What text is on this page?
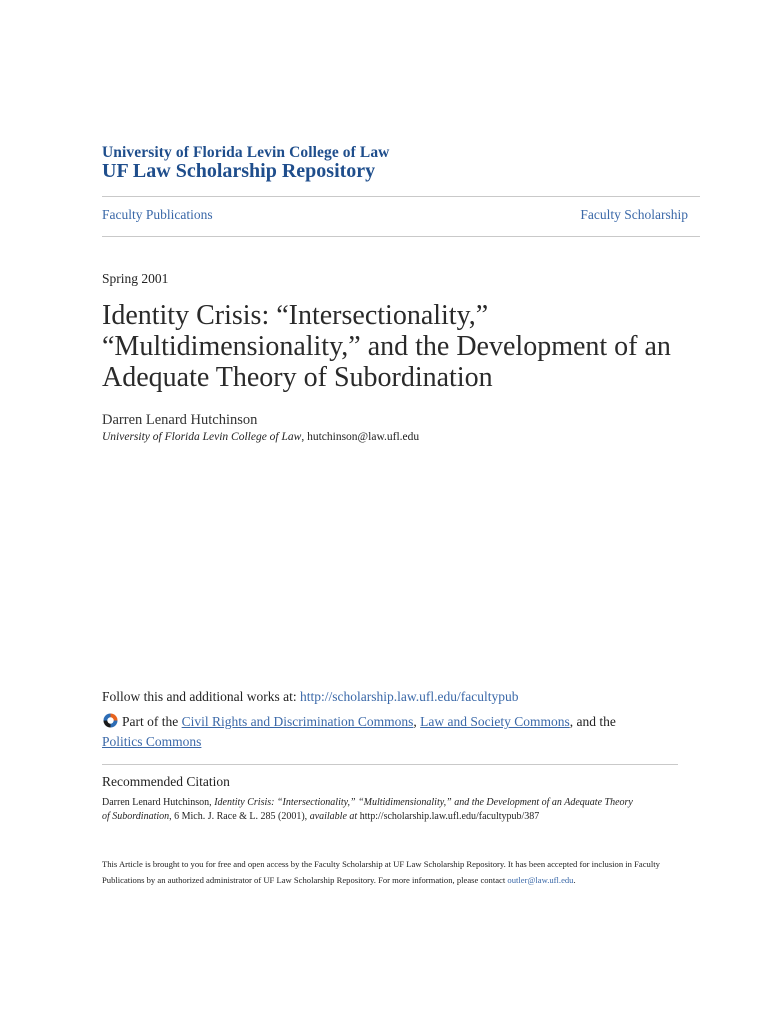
University of Florida Levin College of Law
UF Law Scholarship Repository
Faculty Publications	Faculty Scholarship
Spring 2001
Identity Crisis: “Intersectionality,”
“Multidimensionality,” and the Development of an
Adequate Theory of Subordination
Darren Lenard Hutchinson
University of Florida Levin College of Law, hutchinson@law.ufl.edu
Follow this and additional works at: http://scholarship.law.ufl.edu/facultypub
Part of the Civil Rights and Discrimination Commons, Law and Society Commons, and the
Politics Commons
Recommended Citation
Darren Lenard Hutchinson, Identity Crisis: “Intersectionality,” “Multidimensionality,” and the Development of an Adequate Theory of Subordination, 6 Mich. J. Race & L. 285 (2001), available at http://scholarship.law.ufl.edu/facultypub/387
This Article is brought to you for free and open access by the Faculty Scholarship at UF Law Scholarship Repository. It has been accepted for inclusion in Faculty Publications by an authorized administrator of UF Law Scholarship Repository. For more information, please contact outler@law.ufl.edu.
